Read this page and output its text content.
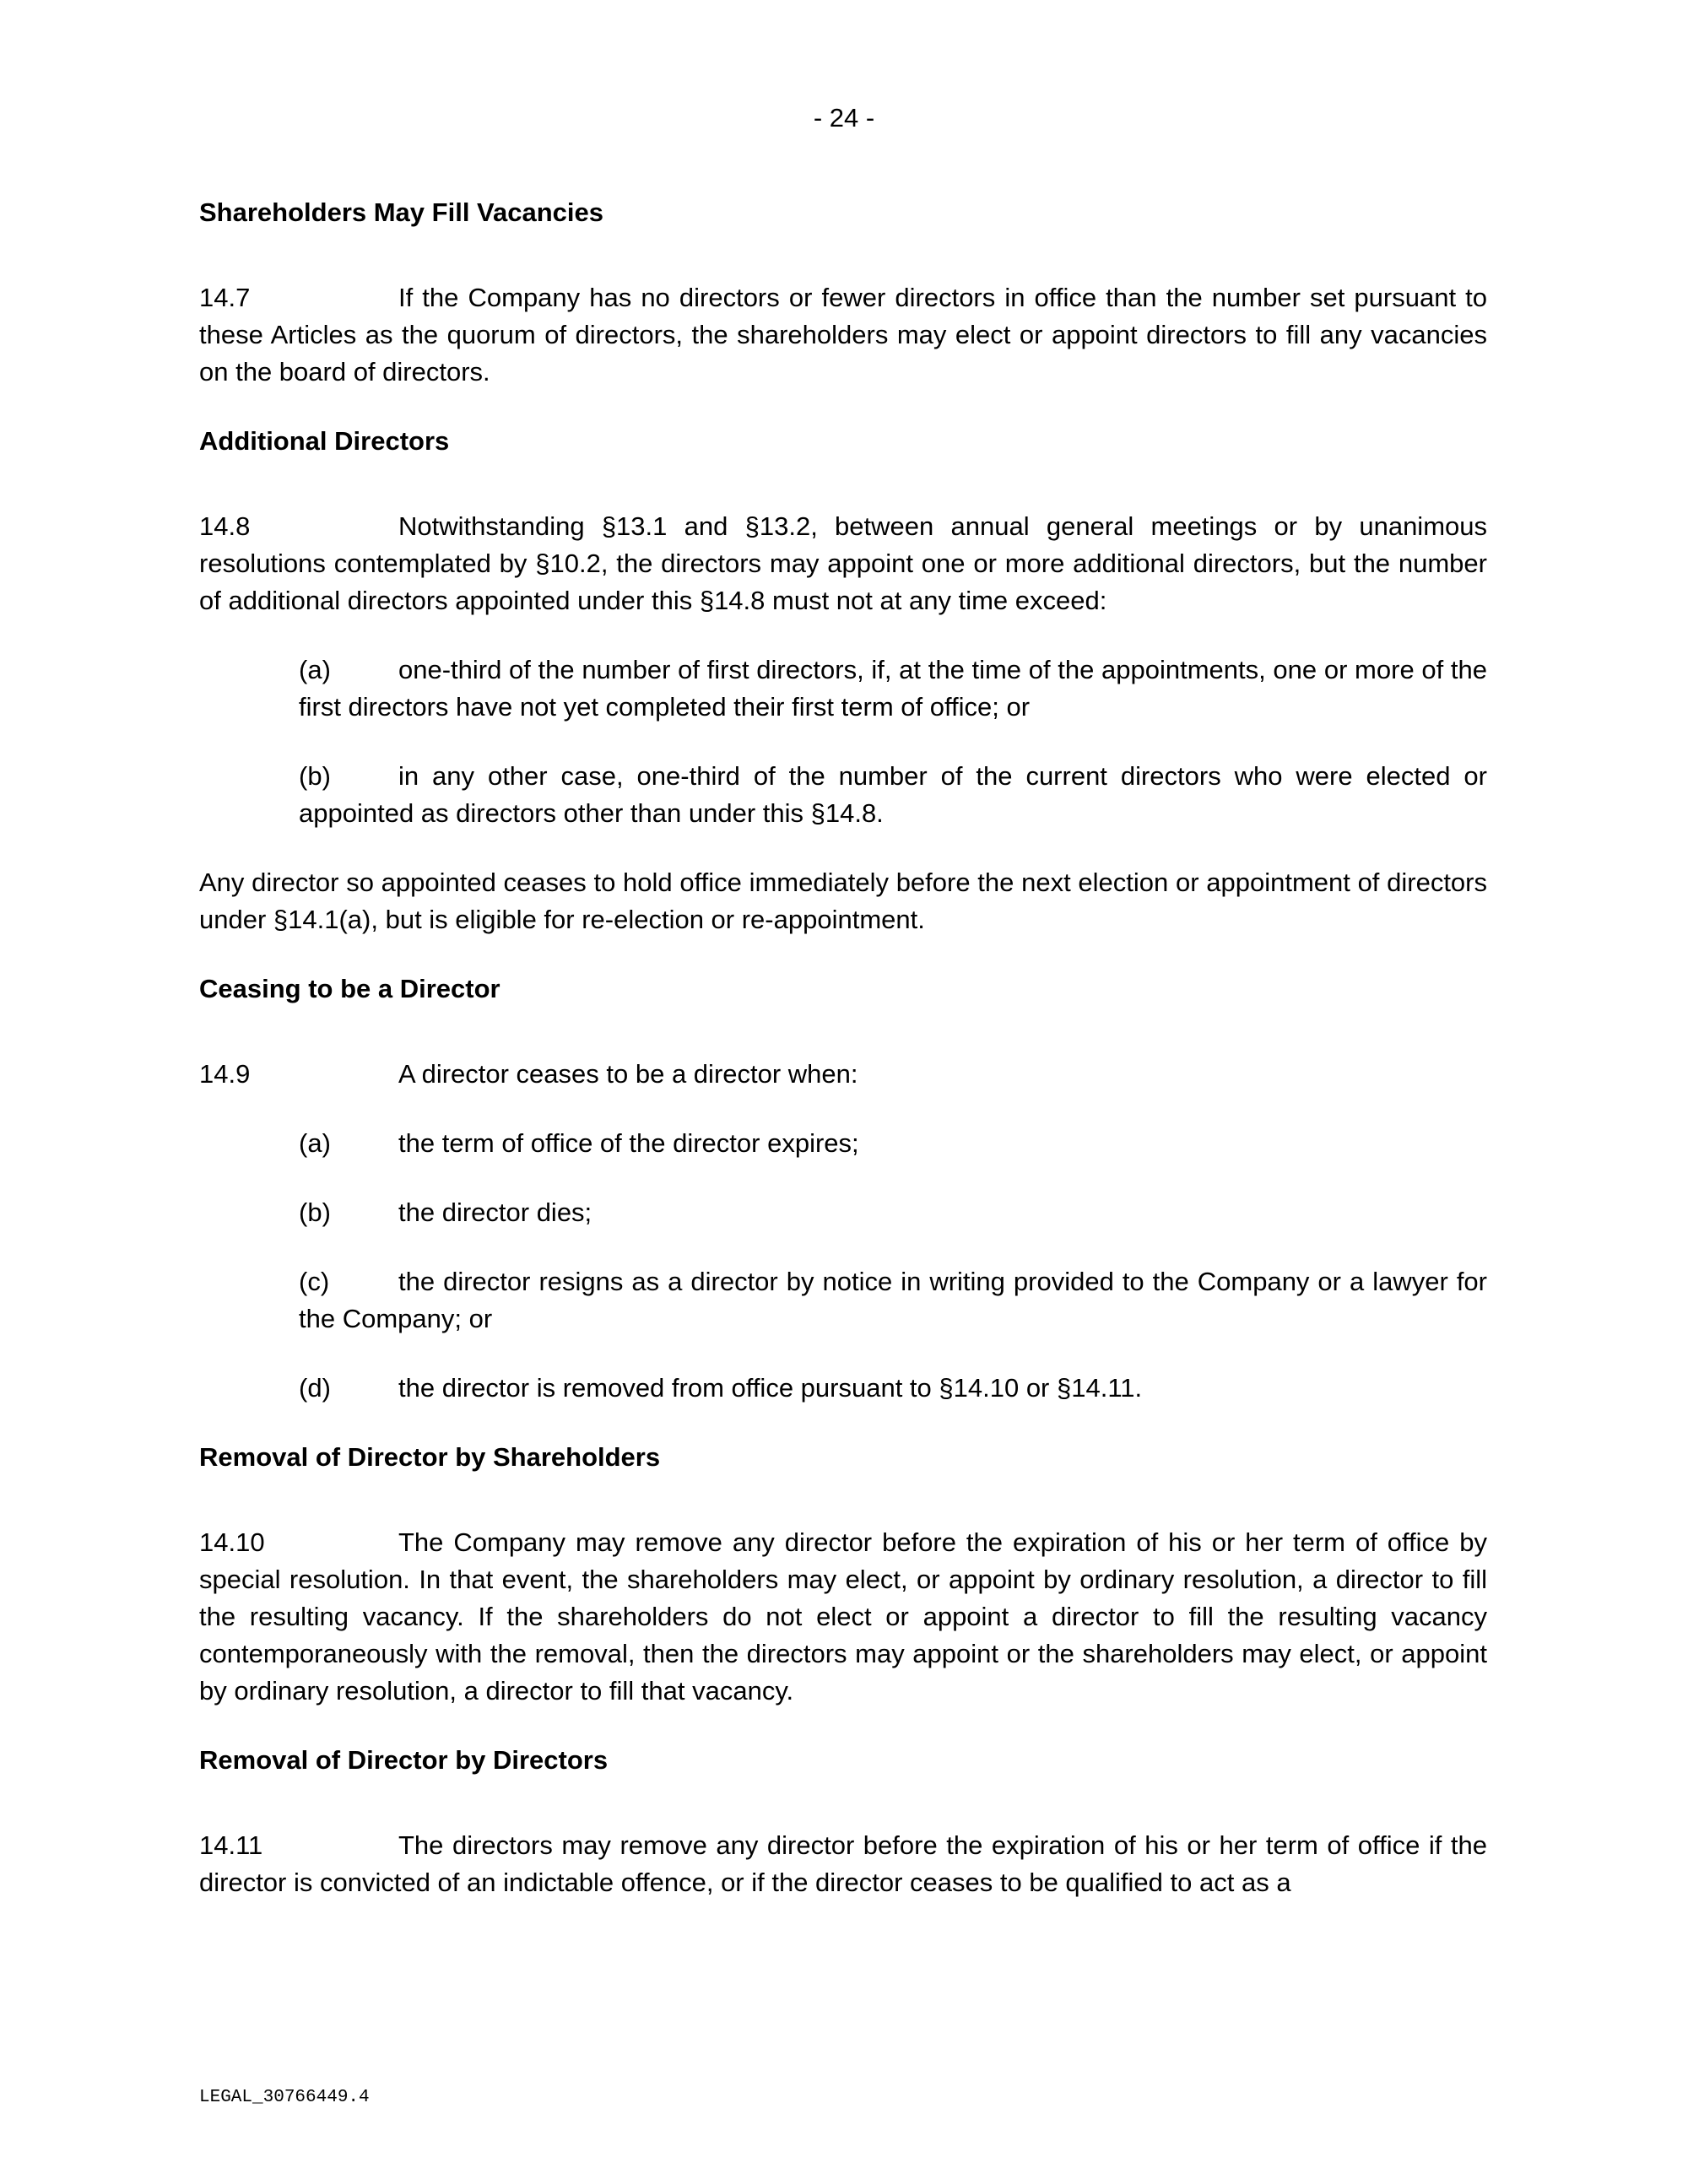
- 24 -
Shareholders May Fill Vacancies
14.7	If the Company has no directors or fewer directors in office than the number set pursuant to these Articles as the quorum of directors, the shareholders may elect or appoint directors to fill any vacancies on the board of directors.
Additional Directors
14.8	Notwithstanding §13.1 and §13.2, between annual general meetings or by unanimous resolutions contemplated by §10.2, the directors may appoint one or more additional directors, but the number of additional directors appointed under this §14.8 must not at any time exceed:
(a)	one-third of the number of first directors, if, at the time of the appointments, one or more of the first directors have not yet completed their first term of office; or
(b)	in any other case, one-third of the number of the current directors who were elected or appointed as directors other than under this §14.8.
Any director so appointed ceases to hold office immediately before the next election or appointment of directors under §14.1(a), but is eligible for re-election or re-appointment.
Ceasing to be a Director
14.9	A director ceases to be a director when:
(a)	the term of office of the director expires;
(b)	the director dies;
(c)	the director resigns as a director by notice in writing provided to the Company or a lawyer for the Company; or
(d)	the director is removed from office pursuant to §14.10 or §14.11.
Removal of Director by Shareholders
14.10	The Company may remove any director before the expiration of his or her term of office by special resolution. In that event, the shareholders may elect, or appoint by ordinary resolution, a director to fill the resulting vacancy. If the shareholders do not elect or appoint a director to fill the resulting vacancy contemporaneously with the removal, then the directors may appoint or the shareholders may elect, or appoint by ordinary resolution, a director to fill that vacancy.
Removal of Director by Directors
14.11	The directors may remove any director before the expiration of his or her term of office if the director is convicted of an indictable offence, or if the director ceases to be qualified to act as a
LEGAL_30766449.4
